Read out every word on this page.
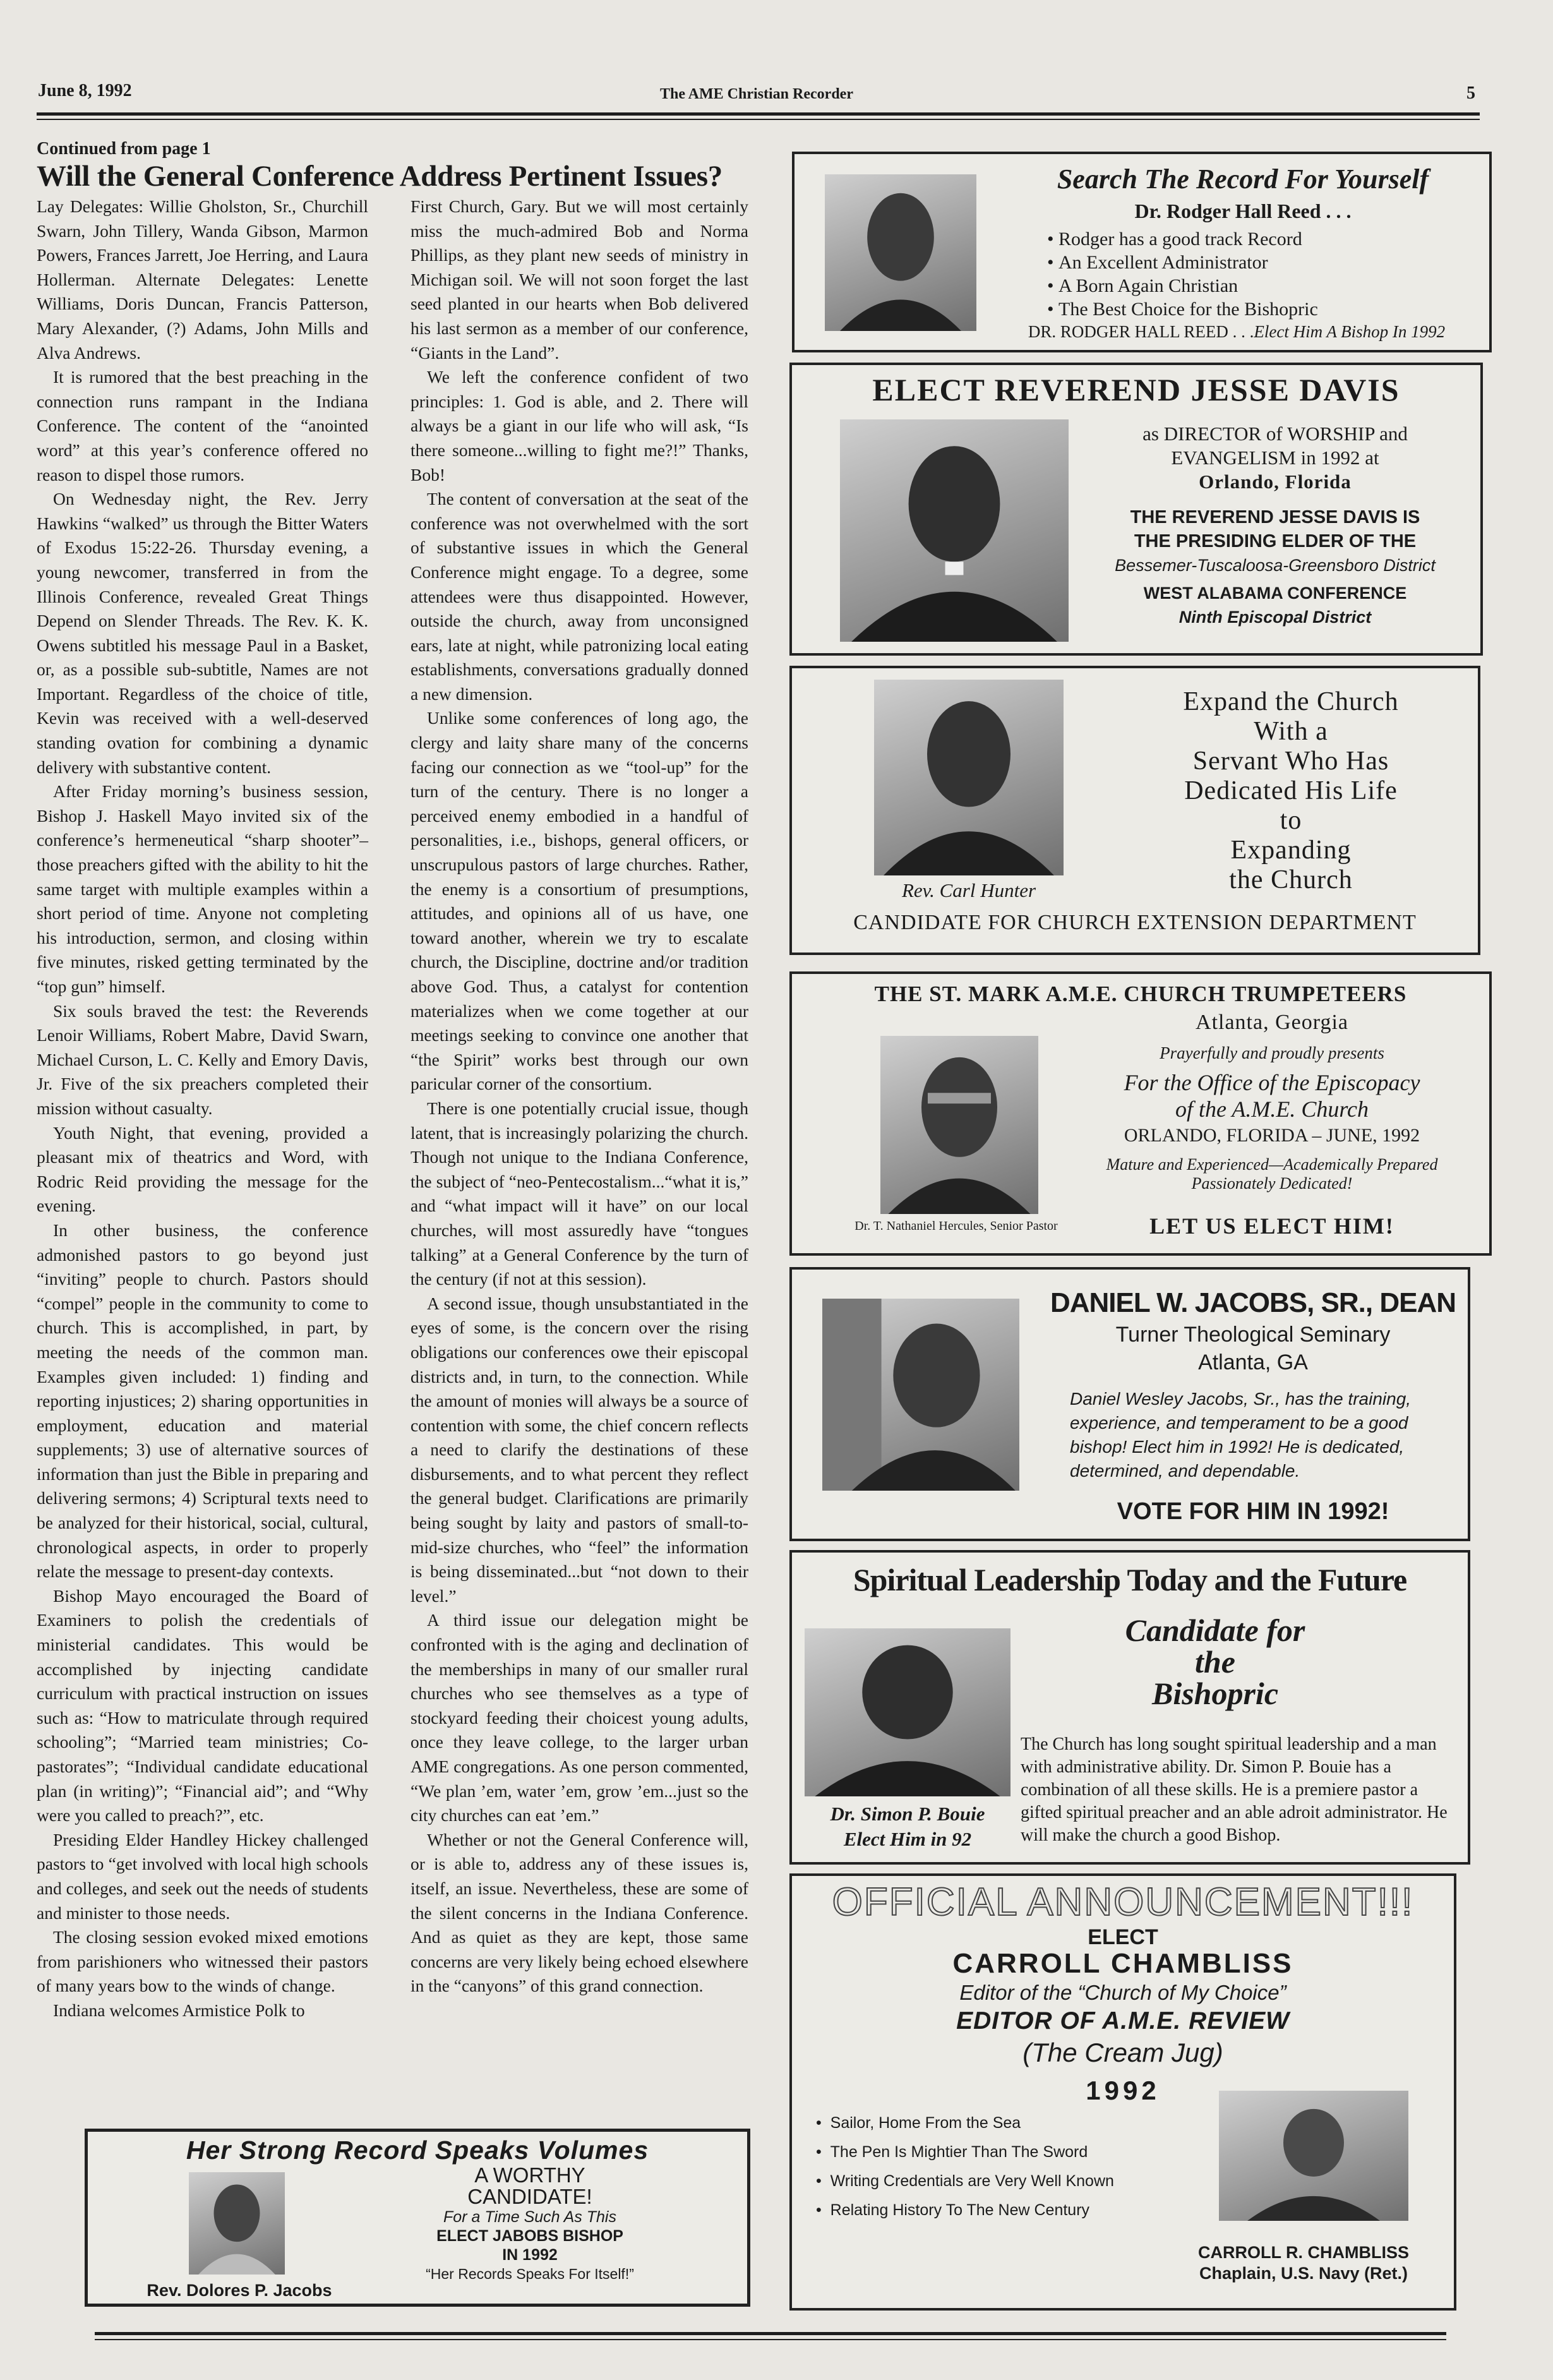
June 8, 1992	The AME Christian Recorder	5
Continued from page 1
Will the General Conference Address Pertinent Issues?

Lay Delegates: Willie Gholston, Sr., Churchill Swarn, John Tillery, Wanda Gibson, Marmon Powers, Frances Jarrett, Joe Herring, and Laura Hollerman. Alternate Delegates: Lenette Williams, Doris Duncan, Francis Patterson, Mary Alexander, (?) Adams, John Mills and Alva Andrews.

It is rumored that the best preaching in the connection runs rampant in the Indiana Conference. The content of the “anointed word” at this year’s conference offered no reason to dispel those rumors.

On Wednesday night, the Rev. Jerry Hawkins “walked” us through the Bitter Waters of Exodus 15:22-26. Thursday evening, a young newcomer, transferred in from the Illinois Conference, revealed Great Things Depend on Slender Threads. The Rev. K. K. Owens subtitled his message Paul in a Basket, or, as a possible sub-subtitle, Names are not Important. Regardless of the choice of title, Kevin was received with a well-deserved standing ovation for combining a dynamic delivery with substantive content.

After Friday morning’s business session, Bishop J. Haskell Mayo invited six of the conference’s hermeneutical “sharp shooter”–those preachers gifted with the ability to hit the same target with multiple examples within a short period of time. Anyone not completing his introduction, sermon, and closing within five minutes, risked getting terminated by the “top gun” himself.

Six souls braved the test: the Reverends Lenoir Williams, Robert Mabre, David Swarn, Michael Curson, L. C. Kelly and Emory Davis, Jr. Five of the six preachers completed their mission without casualty.

Youth Night, that evening, provided a pleasant mix of theatrics and Word, with Rodric Reid providing the message for the evening.

In other business, the conference admonished pastors to go beyond just “inviting” people to church. Pastors should “compel” people in the community to come to church. This is accomplished, in part, by meeting the needs of the common man. Examples given included: 1) finding and reporting injustices; 2) sharing opportunities in employment, education and material supplements; 3) use of alternative sources of information than just the Bible in preparing and delivering sermons; 4) Scriptural texts need to be analyzed for their historical, social, cultural, chronological aspects, in order to properly relate the message to present-day contexts.

Bishop Mayo encouraged the Board of Examiners to polish the credentials of ministerial candidates. This would be accomplished by injecting candidate curriculum with practical instruction on issues such as: “How to matriculate through required schooling”; “Married team ministries; Co-pastorates”; “Individual candidate educational plan (in writing)”; “Financial aid”; and “Why were you called to preach?”, etc.

Presiding Elder Handley Hickey challenged pastors to “get involved with local high schools and colleges, and seek out the needs of students and minister to those needs.

The closing session evoked mixed emotions from parishioners who witnessed their pastors of many years bow to the winds of change.

Indiana welcomes Armistice Polk to

First Church, Gary. But we will most certainly miss the much-admired Bob and Norma Phillips, as they plant new seeds of ministry in Michigan soil. We will not soon forget the last seed planted in our hearts when Bob delivered his last sermon as a member of our conference, “Giants in the Land”.

We left the conference confident of two principles: 1. God is able, and 2. There will always be a giant in our life who will ask, “Is there someone...willing to fight me?!” Thanks, Bob!

The content of conversation at the seat of the conference was not overwhelmed with the sort of substantive issues in which the General Conference might engage. To a degree, some attendees were thus disappointed. However, outside the church, away from unconsigned ears, late at night, while patronizing local eating establishments, conversations gradually donned a new dimension.

Unlike some conferences of long ago, the clergy and laity share many of the concerns facing our connection as we “tool-up” for the turn of the century. There is no longer a perceived enemy embodied in a handful of personalities, i.e., bishops, general officers, or unscrupulous pastors of large churches. Rather, the enemy is a consortium of presumptions, attitudes, and opinions all of us have, one toward another, wherein we try to escalate church, the Discipline, doctrine and/or tradition above God. Thus, a catalyst for contention materializes when we come together at our meetings seeking to convince one another that “the Spirit” works best through our own paricular corner of the consortium.

There is one potentially crucial issue, though latent, that is increasingly polarizing the church. Though not unique to the Indiana Conference, the subject of “neo-Pentecostalism...“what it is,” and “what impact will it have” on our local churches, will most assuredly have “tongues talking” at a General Conference by the turn of the century (if not at this session).

A second issue, though unsubstantiated in the eyes of some, is the concern over the rising obligations our conferences owe their episcopal districts and, in turn, to the connection. While the amount of monies will always be a source of contention with some, the chief concern reflects a need to clarify the destinations of these disbursements, and to what percent they reflect the general budget. Clarifications are primarily being sought by laity and pastors of small-to-mid-size churches, who “feel” the information is being disseminated...but “not down to their level.”

A third issue our delegation might be confronted with is the aging and declination of the memberships in many of our smaller rural churches who see themselves as a type of stockyard feeding their choicest young adults, once they leave college, to the larger urban AME congregations. As one person commented, “We plan ’em, water ’em, grow ’em...just so the city churches can eat ’em.”

Whether or not the General Conference will, or is able to, address any of these issues is, itself, an issue. Nevertheless, these are some of the silent concerns in the Indiana Conference. And as quiet as they are kept, those same concerns are very likely being echoed elsewhere in the “canyons” of this grand connection.

Search The Record For Yourself
Dr. Rodger Hall Reed . . .
• Rodger has a good track Record
• An Excellent Administrator
• A Born Again Christian
• The Best Choice for the Bishopric
DR. RODGER HALL REED . . .Elect Him A Bishop In 1992
ELECT REVEREND JESSE DAVIS
as DIRECTOR of WORSHIP and
EVANGELISM in 1992 at
Orlando, Florida
THE REVEREND JESSE DAVIS IS
THE PRESIDING ELDER OF THE
Bessemer-Tuscaloosa-Greensboro District
WEST ALABAMA CONFERENCE
Ninth Episcopal District
Rev. Carl Hunter
Expand the Church
With a
Servant Who Has
Dedicated His Life
to
Expanding
the Church
CANDIDATE FOR CHURCH EXTENSION DEPARTMENT
THE ST. MARK A.M.E. CHURCH TRUMPETEERS
Atlanta, Georgia
Dr. T. Nathaniel Hercules, Senior Pastor
Prayerfully and proudly presents
For the Office of the Episcopacy
of the A.M.E. Church
ORLANDO, FLORIDA – JUNE, 1992
Mature and Experienced—Academically Prepared
Passionately Dedicated!
LET US ELECT HIM!
DANIEL W. JACOBS, SR., DEAN
Turner Theological Seminary
Atlanta, GA
Daniel Wesley Jacobs, Sr., has the training, experience, and temperament to be a good bishop! Elect him in 1992! He is dedicated, determined, and dependable.
VOTE FOR HIM IN 1992!
Spiritual Leadership Today and the Future
Dr. Simon P. Bouie
Elect Him in 92
Candidate for
the
Bishopric
The Church has long sought spiritual leadership and a man with administrative ability. Dr. Simon P. Bouie has a combination of all these skills. He is a premiere pastor a gifted spiritual preacher and an able adroit administrator. He will make the church a good Bishop.
OFFICIAL ANNOUNCEMENT!!!
ELECT
CARROLL CHAMBLISS
Editor of the “Church of My Choice”
EDITOR OF A.M.E. REVIEW
(The Cream Jug)
1992
•  Sailor, Home From the Sea
•  The Pen Is Mightier Than The Sword
•  Writing Credentials are Very Well Known
•  Relating History To The New Century
CARROLL R. CHAMBLISS
Chaplain, U.S. Navy (Ret.)
Her Strong Record Speaks Volumes
Rev. Dolores P. Jacobs
A WORTHY
CANDIDATE!
For a Time Such As This
ELECT JABOBS BISHOP
IN 1992
“Her Records Speaks For Itself!”
